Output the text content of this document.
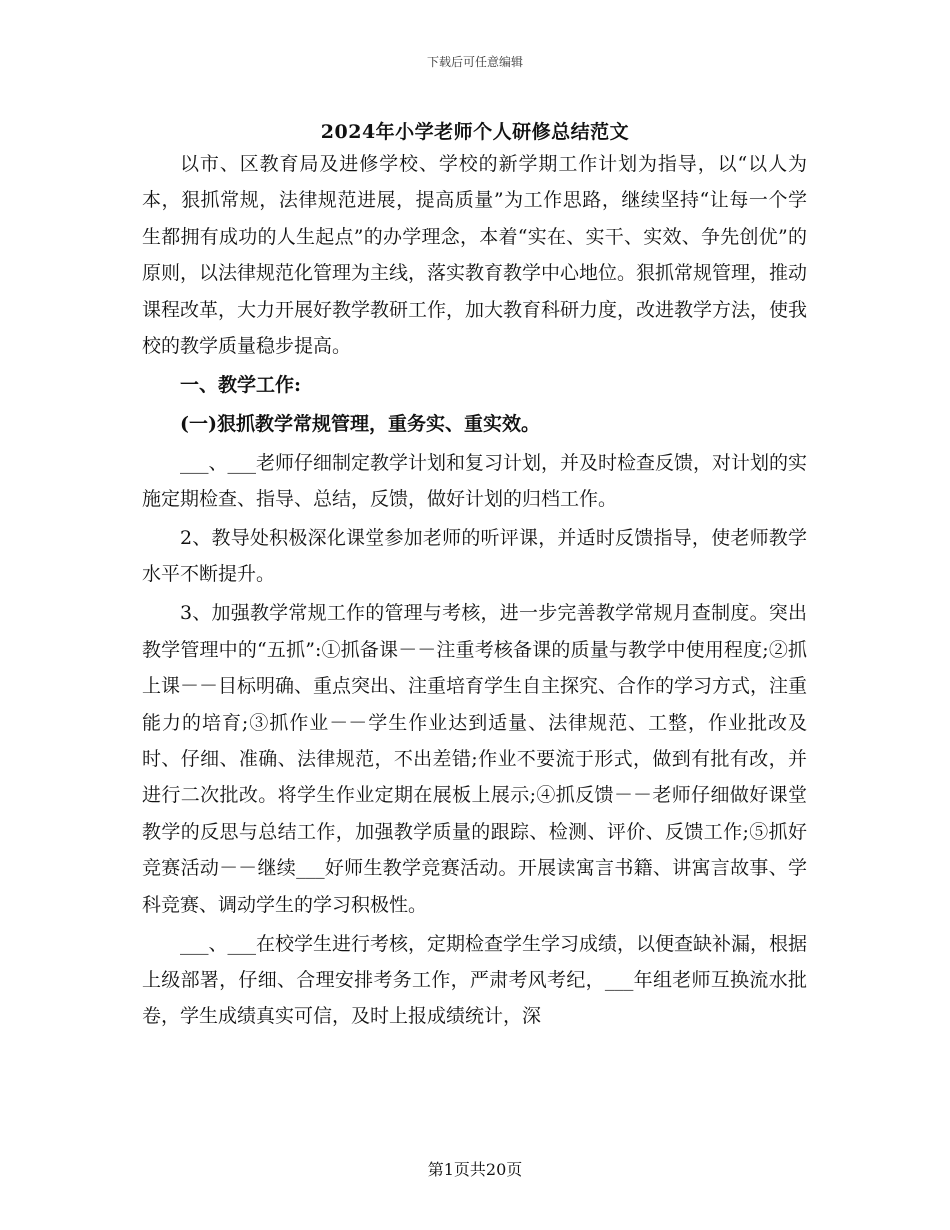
下载后可任意编辑
2024年小学老师个人研修总结范文

以市、区教育局及进修学校、学校的新学期工作计划为指导，以“以人为本，狠抓常规，法律规范进展，提高质量”为工作思路，继续坚持“让每一个学生都拥有成功的人生起点”的办学理念，本着“实在、实干、实效、争先创优”的原则，以法律规范化管理为主线，落实教育教学中心地位。狠抓常规管理，推动课程改革，大力开展好教学教研工作，加大教育科研力度，改进教学方法，使我校的教学质量稳步提高。

一、教学工作:

(一)狠抓教学常规管理，重务实、重实效。

___、___老师仔细制定教学计划和复习计划，并及时检查反馈，对计划的实施定期检查、指导、总结，反馈，做好计划的归档工作。

2、教导处积极深化课堂参加老师的听评课，并适时反馈指导，使老师教学水平不断提升。

3、加强教学常规工作的管理与考核，进一步完善教学常规月查制度。突出教学管理中的“五抓”:①抓备课－－注重考核备课的质量与教学中使用程度;②抓上课－－目标明确、重点突出、注重培育学生自主探究、合作的学习方式，注重能力的培育;③抓作业－－学生作业达到适量、法律规范、工整，作业批改及时、仔细、准确、法律规范，不出差错;作业不要流于形式，做到有批有改，并进行二次批改。将学生作业定期在展板上展示;④抓反馈－－老师仔细做好课堂教学的反思与总结工作，加强教学质量的跟踪、检测、评价、反馈工作;⑤抓好竞赛活动－－继续___好师生教学竞赛活动。开展读寓言书籍、讲寓言故事、学科竞赛、调动学生的学习积极性。

___、___在校学生进行考核，定期检查学生学习成绩，以便查缺补漏，根据上级部署，仔细、合理安排考务工作，严肃考风考纪，___年组老师互换流水批卷，学生成绩真实可信，及时上报成绩统计，深

第1页共20页
